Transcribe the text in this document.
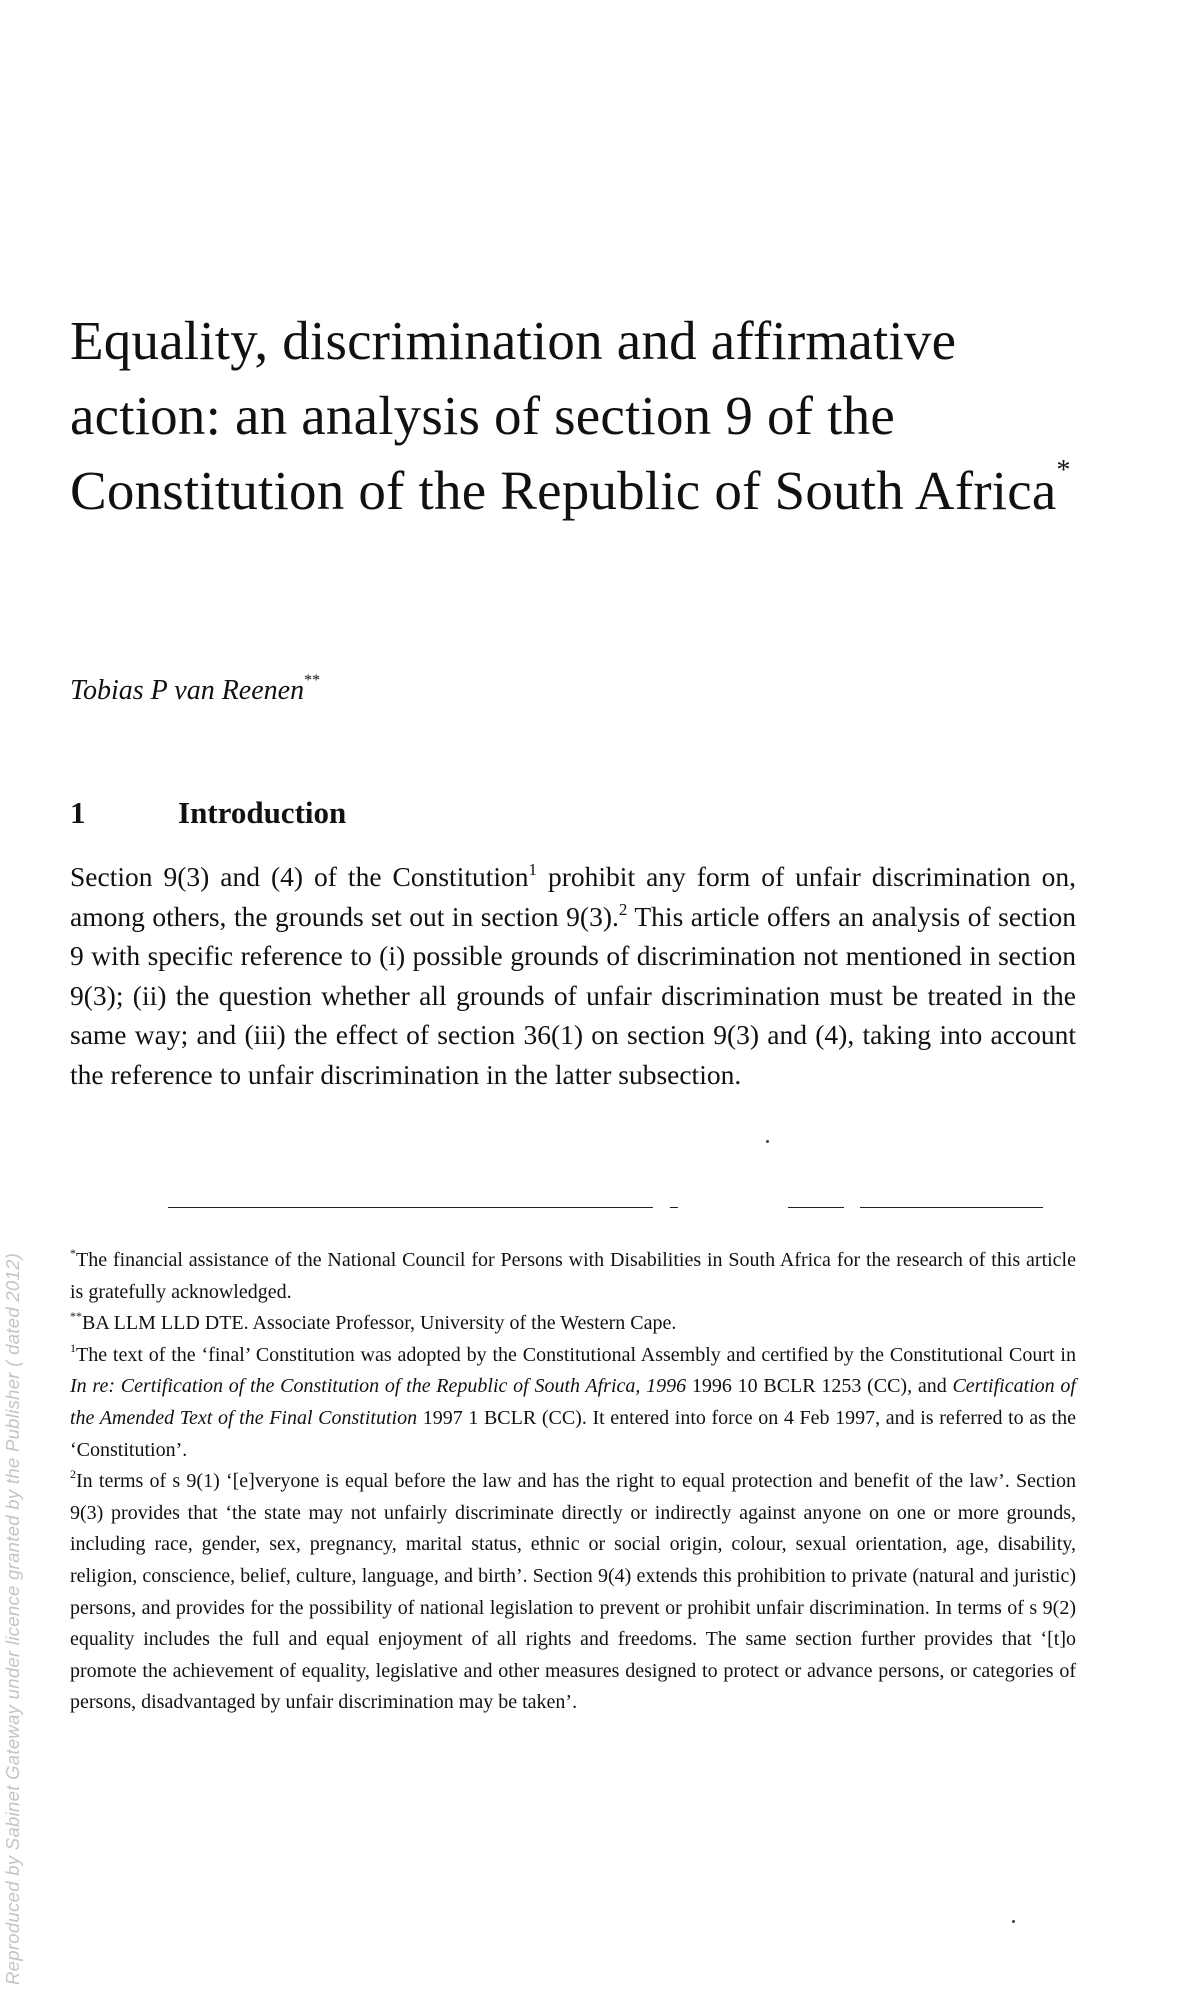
Equality, discrimination and affirmative action: an analysis of section 9 of the Constitution of the Republic of South Africa*

Tobias P van Reenen**

1	Introduction

Section 9(3) and (4) of the Constitution$^1$ prohibit any form of unfair discrimination on, among others, the grounds set out in section 9(3).$^2$ This article offers an analysis of section 9 with specific reference to (i) possible grounds of discrimination not mentioned in section 9(3); (ii) the question whether all grounds of unfair discrimination must be treated in the same way; and (iii) the effect of section 36(1) on section 9(3) and (4), taking into account the reference to unfair discrimination in the latter subsection.

*The financial assistance of the National Council for Persons with Disabilities in South Africa for the research of this article is gratefully acknowledged.

**BA LLM LLD DTE. Associate Professor, University of the Western Cape.

$^1$The text of the ‘final’ Constitution was adopted by the Constitutional Assembly and certified by the Constitutional Court in In re: Certification of the Constitution of the Republic of South Africa, 1996 1996 10 BCLR 1253 (CC), and Certification of the Amended Text of the Final Constitution 1997 1 BCLR (CC). It entered into force on 4 Feb 1997, and is referred to as the ‘Constitution’.

$^2$In terms of s 9(1) ‘[e]veryone is equal before the law and has the right to equal protection and benefit of the law’. Section 9(3) provides that ‘the state may not unfairly discriminate directly or indirectly against anyone on one or more grounds, including race, gender, sex, pregnancy, marital status, ethnic or social origin, colour, sexual orientation, age, disability, religion, conscience, belief, culture, language, and birth’. Section 9(4) extends this prohibition to private (natural and juristic) persons, and provides for the possibility of national legislation to prevent or prohibit unfair discrimination. In terms of s 9(2) equality includes the full and equal enjoyment of all rights and freedoms. The same section further provides that ‘[t]o promote the achievement of equality, legislative and other measures designed to protect or advance persons, or categories of persons, disadvantaged by unfair discrimination may be taken’.

Reproduced by Sabinet Gateway under licence granted by the Publisher ( dated 2012)
